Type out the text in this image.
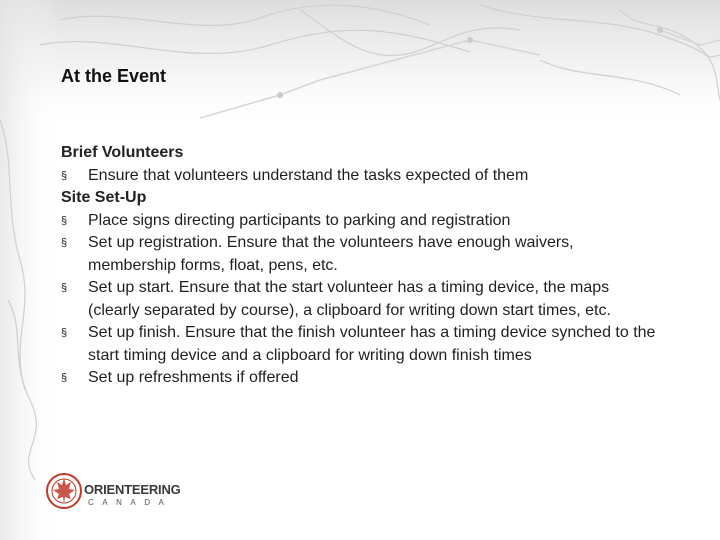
At the Event
Brief Volunteers
§	Ensure that volunteers understand the tasks expected of them
Site Set-Up
§	Place signs directing participants to parking and registration
§	Set up registration. Ensure that the volunteers have enough waivers, membership forms, float, pens, etc.
§	Set up start. Ensure that the start volunteer has a timing device, the maps (clearly separated by course), a clipboard for writing down start times, etc.
§	Set up finish. Ensure that the finish volunteer has a timing device synched to the start timing device and a clipboard for writing down finish times
§	Set up refreshments if offered
ORIENTEERING
CANADA
